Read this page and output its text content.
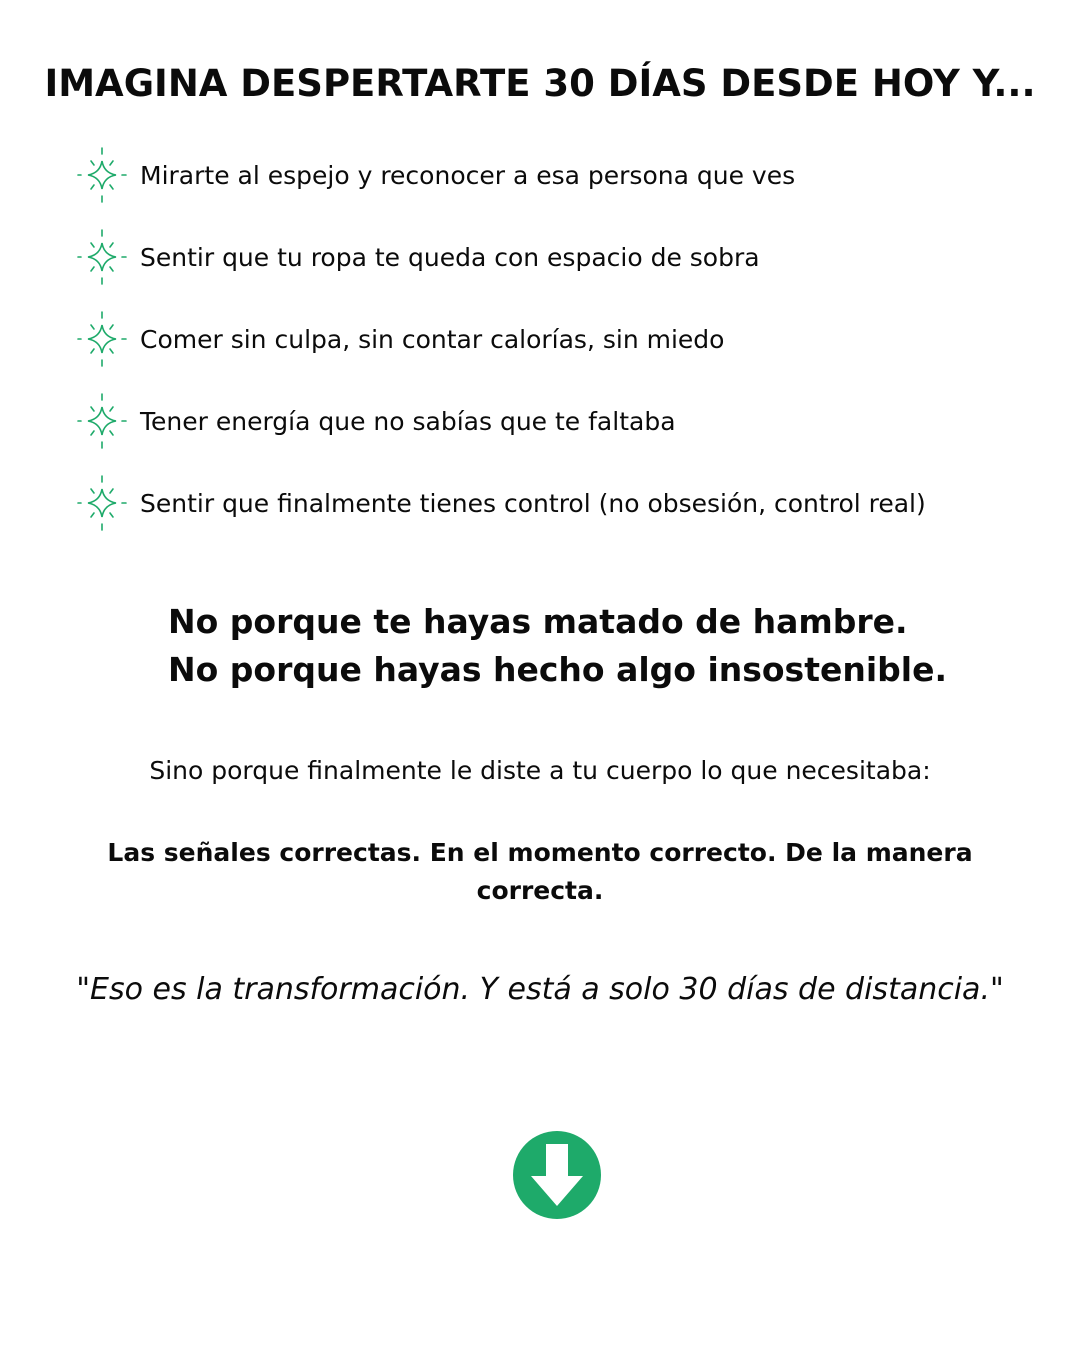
IMAGINA DESPERTARTE 30 DÍAS DESDE HOY Y...
Mirarte al espejo y reconocer a esa persona que ves
Sentir que tu ropa te queda con espacio de sobra
Comer sin culpa, sin contar calorías, sin miedo
Tener energía que no sabías que te faltaba
Sentir que finalmente tienes control (no obsesión, control real)
No porque te hayas matado de hambre.
No porque hayas hecho algo insostenible.
Sino porque finalmente le diste a tu cuerpo lo que necesitaba:
Las señales correctas. En el momento correcto. De la manera correcta.
"Eso es la transformación. Y está a solo 30 días de distancia."
